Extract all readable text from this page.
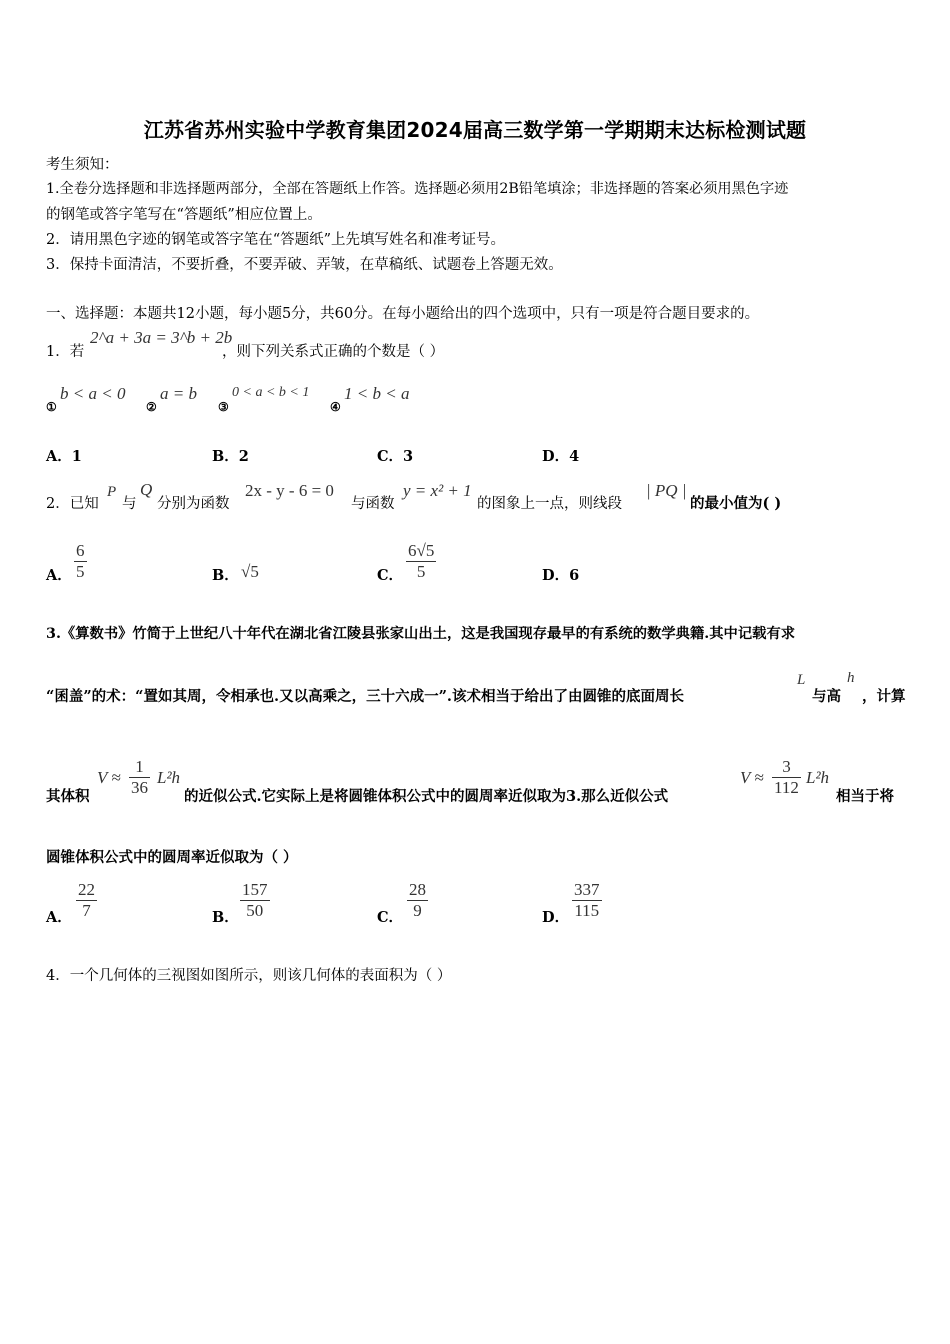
江苏省苏州实验中学教育集团2024届高三数学第一学期期末达标检测试题
考生须知：
1.全卷分选择题和非选择题两部分，全部在答题纸上作答。选择题必须用2B铅笔填涂；非选择题的答案必须用黑色字迹
的钢笔或答字笔写在“答题纸”相应位置上。
2．请用黑色字迹的钢笔或答字笔在“答题纸”上先填写姓名和准考证号。
3．保持卡面清洁，不要折叠，不要弄破、弄皱，在草稿纸、试题卷上答题无效。
一、选择题：本题共12小题，每小题5分，共60分。在每小题给出的四个选项中，只有一项是符合题目要求的。
1．若
2^a + 3a = 3^b + 2b
，则下列关系式正确的个数是（ ）
①
b < a < 0
②
a = b
③
0 < a < b < 1
④
1 < b < a
A．1	B．2	C．3	D．4
2．已知
P
与
Q
分别为函数
2x - y - 6 = 0
与函数
y = x² + 1
的图象上一点，则线段
| PQ |
的最小值为( )
A． $\frac{6}{5}$	B． √5	C． $\frac{6√5}{5}$	D．6
3.《算数书》竹简于上世纪八十年代在湖北省江陵县张家山出土，这是我国现存最早的有系统的数学典籍.其中记载有求
“囷盖”的术：“置如其周，令相承也.又以高乘之，三十六成一”.该术相当于给出了由圆锥的底面周长
L
与高
h
，计算
其体积
$V \approx \frac{1}{36} L^2h$
的近似公式.它实际上是将圆锥体积公式中的圆周率近似取为3.那么近似公式
$V \approx \frac{3}{112} L^2h$
相当于将
圆锥体积公式中的圆周率近似取为（ ）
A． $\frac{22}{7}$	B． $\frac{157}{50}$	C． $\frac{28}{9}$	D． $\frac{337}{115}$
4．一个几何体的三视图如图所示，则该几何体的表面积为（ ）
